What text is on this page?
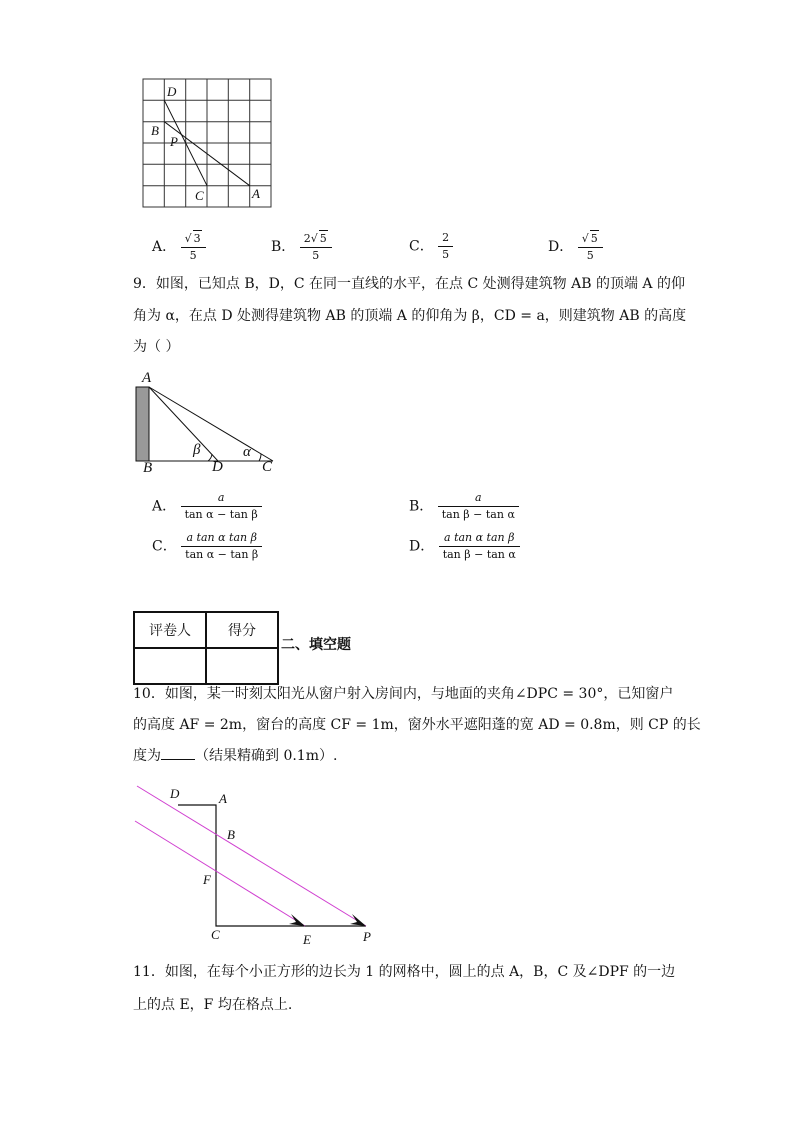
D
B
P
C	A
A． $\frac{√ 3}{5}$	B． $\frac{2√ 5}{5}$	C． $\frac{2}{5}$	D． $\frac{√ 5}{5}$
9．如图，已知点 B，D，C 在同一直线的水平，在点 C 处测得建筑物 AB 的顶端 A 的仰
角为 α，在点 D 处测得建筑物 AB 的顶端 A 的仰角为 β，CD = a，则建筑物 AB 的高度
为（ ）
A
B	D	C
β	α
A． $\frac{a}{\text{tan α − tan β}}$	B． $\frac{a}{\text{tan β − tan α}}$
C． $\frac{\text{a tan α tan β}}{\text{tan α − tan β}}$	D． $\frac{\text{a tan α tan β}}{\text{tan β − tan α}}$
评卷人	得分

二、填空题
10．如图，某一时刻太阳光从窗户射入房间内，与地面的夹角∠DPC = 30°，已知窗户
的高度 AF = 2m，窗台的高度 CF = 1m，窗外水平遮阳蓬的宽 AD = 0.8m，则 CP 的长
度为 （结果精确到 0.1m）.
D	A
B
F
C	E	P
11．如图，在每个小正方形的边长为 1 的网格中，圆上的点 A，B，C 及∠DPF 的一边
上的点 E，F 均在格点上.
